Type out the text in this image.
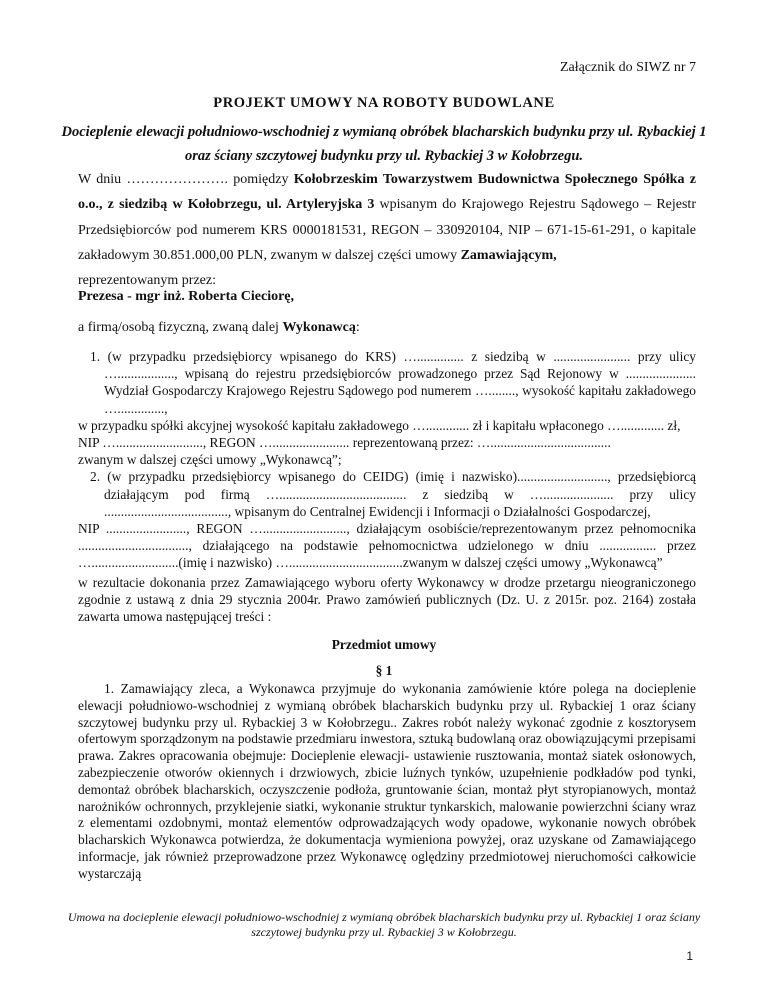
Załącznik do SIWZ nr 7
PROJEKT UMOWY NA ROBOTY BUDOWLANE
Docieplenie elewacji południowo-wschodniej z wymianą obróbek blacharskich budynku przy ul. Rybackiej 1 oraz ściany szczytowej budynku przy ul. Rybackiej 3 w Kołobrzegu.
W dniu …………………. pomiędzy Kołobrzeskim Towarzystwem Budownictwa Społecznego Spółka z o.o., z siedzibą w Kołobrzegu, ul. Artyleryjska 3 wpisanym do Krajowego Rejestru Sądowego – Rejestr Przedsiębiorców pod numerem KRS 0000181531, REGON – 330920104, NIP – 671-15-61-291, o kapitale zakładowym 30.851.000,00 PLN, zwanym w dalszej części umowy Zamawiającym,
reprezentowanym przez:
Prezesa - mgr inż. Roberta Cieciorę,
a firmą/osobą fizyczną, zwaną dalej Wykonawcą:

1. (w przypadku przedsiębiorcy wpisanego do KRS) ….............. z siedzibą w ....................... przy ulicy …................., wpisaną do rejestru przedsiębiorców prowadzonego przez Sąd Rejonowy w ..................... Wydział Gospodarczy Krajowego Rejestru Sądowego pod numerem …........, wysokość kapitału zakładowego …..............,

w przypadku spółki akcyjnej wysokość kapitału zakładowego …............. zł i kapitału wpłaconego …............. zł,

NIP ….........................., REGON …....................... reprezentowaną przez: …....................................

zwanym w dalszej części umowy „Wykonawcą”;

2. (w przypadku przedsiębiorcy wpisanego do CEIDG) (imię i nazwisko)..........................., przedsiębiorcą działającym pod firmą …...................................... z siedzibą w …..................... przy ulicy ....................................., wpisanym do Centralnej Ewidencji i Informacji o Działalności Gospodarczej,

NIP ........................, REGON …........................., działającym osobiście/reprezentowanym przez pełnomocnika ................................., działającego na podstawie pełnomocnictwa udzielonego w dniu ................. przez …..........................(imię i nazwisko) …..................................zwanym w dalszej części umowy „Wykonawcą”

w rezultacie dokonania przez Zamawiającego wyboru oferty Wykonawcy w drodze przetargu nieograniczonego zgodnie z ustawą z dnia 29 stycznia 2004r. Prawo zamówień publicznych (Dz. U. z 2015r. poz. 2164) została zawarta umowa następującej treści :
Przedmiot umowy
§ 1
1. Zamawiający zleca, a Wykonawca przyjmuje do wykonania zamówienie które polega na docieplenie elewacji południowo-wschodniej z wymianą obróbek blacharskich budynku przy ul. Rybackiej 1 oraz ściany szczytowej budynku przy ul. Rybackiej 3 w Kołobrzegu.. Zakres robót należy wykonać zgodnie z kosztorysem ofertowym sporządzonym na podstawie przedmiaru inwestora, sztuką budowlaną oraz obowiązującymi przepisami prawa. Zakres opracowania obejmuje: Docieplenie elewacji- ustawienie rusztowania, montaż siatek osłonowych, zabezpieczenie otworów okiennych i drzwiowych, zbicie luźnych tynków, uzupełnienie podkładów pod tynki, demontaż obróbek blacharskich, oczyszczenie podłoża, gruntowanie ścian, montaż płyt styropianowych, montaż narożników ochronnych, przyklejenie siatki, wykonanie struktur tynkarskich, malowanie powierzchni ściany wraz z elementami ozdobnymi, montaż elementów odprowadzających wody opadowe, wykonanie nowych obróbek blacharskich Wykonawca potwierdza, że dokumentacja wymieniona powyżej, oraz uzyskane od Zamawiającego informacje, jak również przeprowadzone przez Wykonawcę oględziny przedmiotowej nieruchomości całkowicie wystarczają
Umowa na docieplenie elewacji południowo-wschodniej z wymianą obróbek blacharskich budynku przy ul. Rybackiej 1 oraz ściany szczytowej budynku przy ul. Rybackiej 3 w Kołobrzegu.
1
